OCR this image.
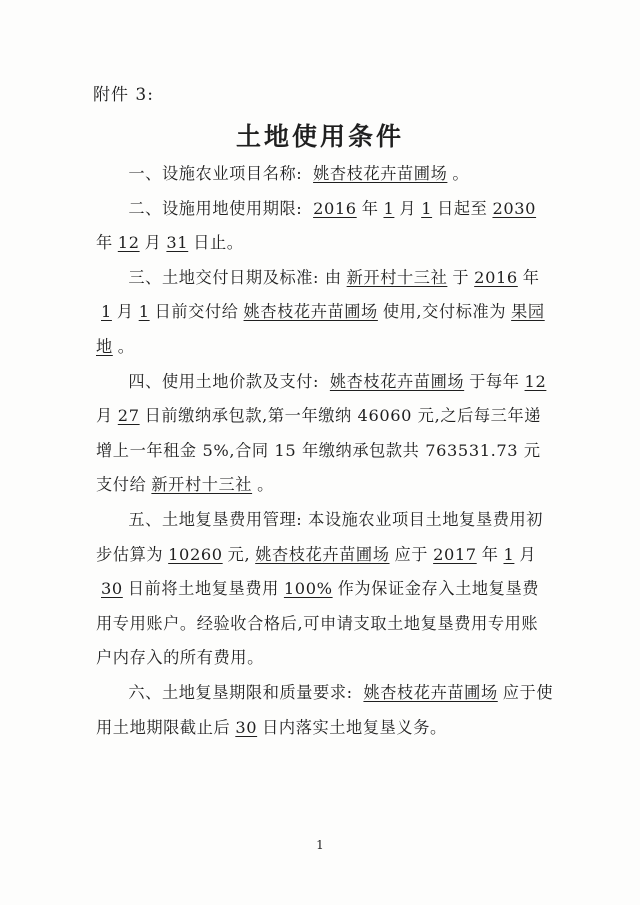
附件 3:
土地使用条件

一、设施农业项目名称: 姚杏枝花卉苗圃场 。

二、设施用地使用期限: 2016 年 1 月 1 日起至 2030年 12 月 31 日止。

三、土地交付日期及标准: 由 新开村十三社 于 2016 年1 月 1 日前交付给 姚杏枝花卉苗圃场 使用,交付标准为 果园地 。

四、使用土地价款及支付: 姚杏枝花卉苗圃场 于每年 12月 27 日前缴纳承包款,第一年缴纳 46060 元,之后每三年递增上一年租金 5%,合同 15 年缴纳承包款共 763531.73 元支付给 新开村十三社 。

五、土地复垦费用管理: 本设施农业项目土地复垦费用初步估算为 10260 元, 姚杏枝花卉苗圃场 应于 2017 年 1 月30 日前将土地复垦费用 100% 作为保证金存入土地复垦费用专用账户。经验收合格后,可申请支取土地复垦费用专用账户内存入的所有费用。

六、土地复垦期限和质量要求: 姚杏枝花卉苗圃场 应于使用土地期限截止后 30 日内落实土地复垦义务。

1
